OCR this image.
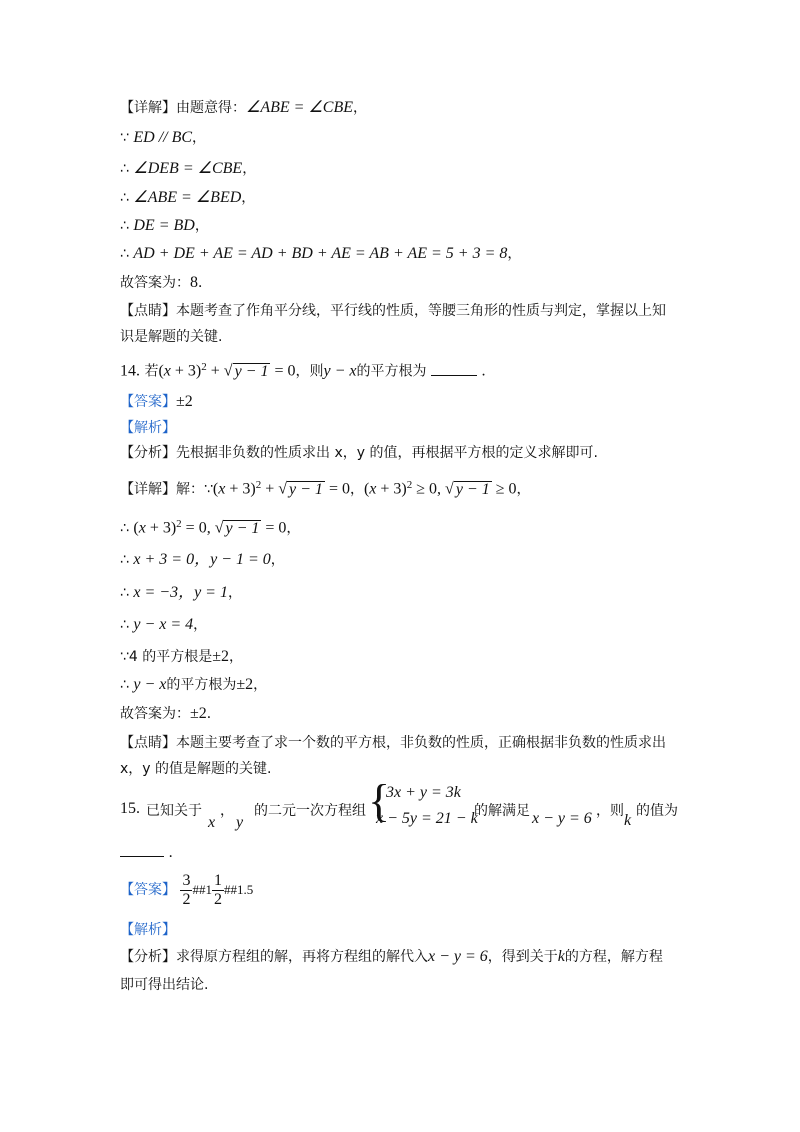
【详解】由题意得：∠ABE = ∠CBE，
∵ ED // BC，
∴ ∠DEB = ∠CBE，
∴ ∠ABE = ∠BED，
∴ DE = BD，
∴ AD + DE + AE = AD + BD + AE = AB + AE = 5 + 3 = 8，
故答案为：8．
【点睛】本题考查了作角平分线，平行线的性质，等腰三角形的性质与判定，掌握以上知
识是解题的关键.
14. 若$(x + 3)^2$ + √ y − 1 = 0，则y − x的平方根为	．
【答案】±2
【解析】
【分析】先根据非负数的性质求出 x，y 的值，再根据平方根的定义求解即可.
【详解】解：∵(x + 3)$^2$ + √ y − 1 = 0，$(x + 3)^2 \ge 0$, √ y − 1 ≥ 0，
∴ $(x + 3)^2 = 0$, √ y − 1 = 0，
∴ x + 3 = 0，y − 1 = 0，
∴ x = −3，y = 1，
∴ y − x = 4，
∵4 的平方根是±2，
∴ y − x的平方根为±2，
故答案为：±2．
【点睛】本题主要考查了求一个数的平方根，非负数的性质，正确根据非负数的性质求出
x，y 的值是解题的关键.
15. 已知关于
x
，
y
的二元一次方程组 {
3x + y = 3k
x − 5y = 21 − k
的解满足 x − y = 6 ，则
k
的值为
．
【答案】 $\frac{3}{2}$ ##1 $\frac{1}{2}$ ##1.5
【解析】
【分析】求得原方程组的解，再将方程组的解代入x − y = 6，得到关于k的方程，解方程
即可得出结论.
